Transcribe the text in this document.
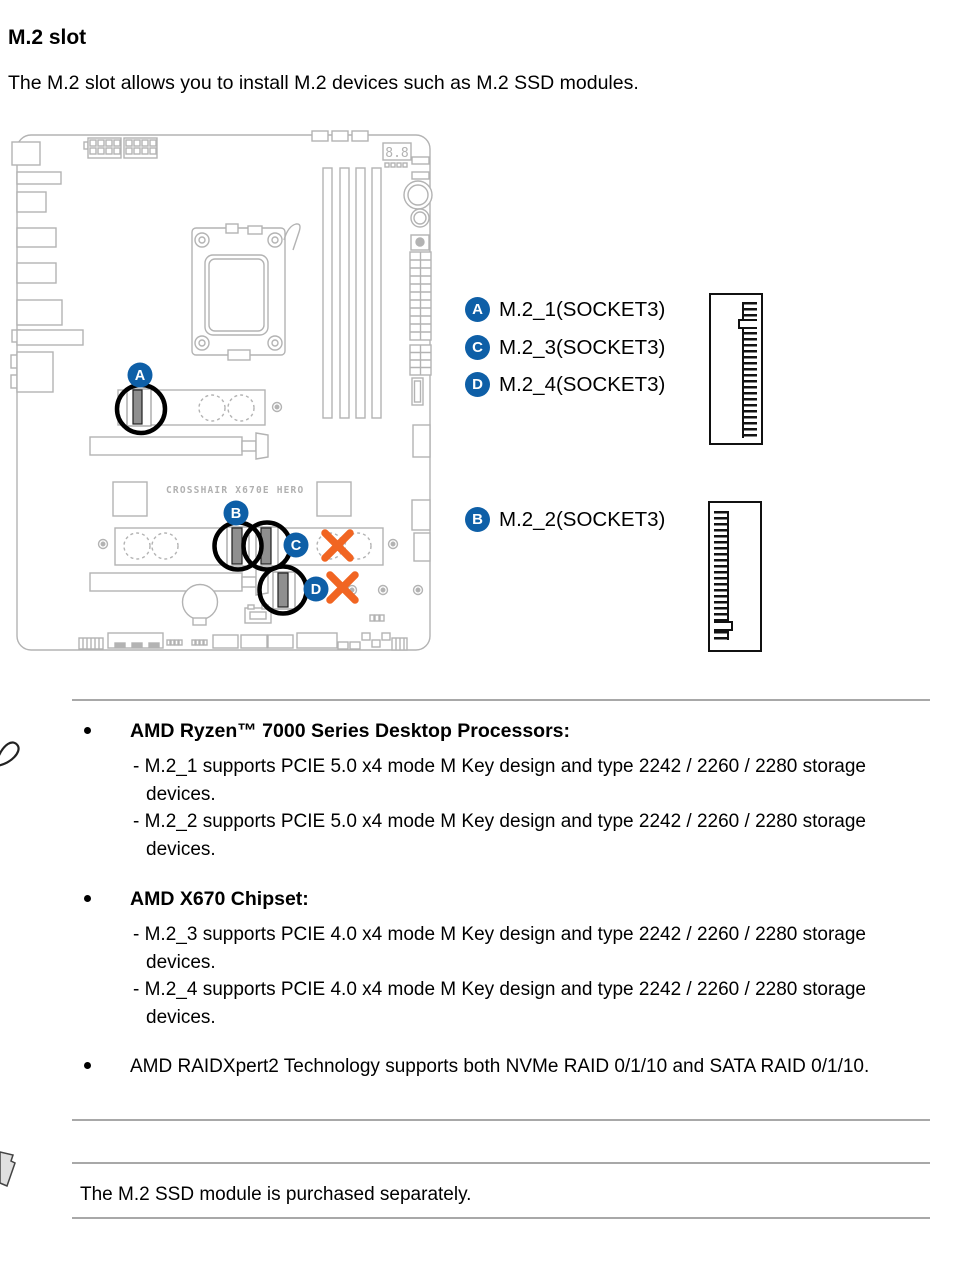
M.2 slot
The M.2 slot allows you to install M.2 devices such as M.2 SSD modules.
8.8
CROSSHAIR X670E HERO
A
B
C
D
A M.2_1(SOCKET3)
C M.2_3(SOCKET3)
D M.2_4(SOCKET3)
B M.2_2(SOCKET3)
AMD Ryzen™ 7000 Series Desktop Processors:
- M.2_1 supports PCIE 5.0 x4 mode M Key design and type 2242 / 2260 / 2280 storage devices.
- M.2_2 supports PCIE 5.0 x4 mode M Key design and type 2242 / 2260 / 2280 storage devices.
AMD X670 Chipset:
- M.2_3 supports PCIE 4.0 x4 mode M Key design and type 2242 / 2260 / 2280 storage devices.
- M.2_4 supports PCIE 4.0 x4 mode M Key design and type 2242 / 2260 / 2280 storage devices.
AMD RAIDXpert2 Technology supports both NVMe RAID 0/1/10 and SATA RAID 0/1/10.
The M.2 SSD module is purchased separately.
